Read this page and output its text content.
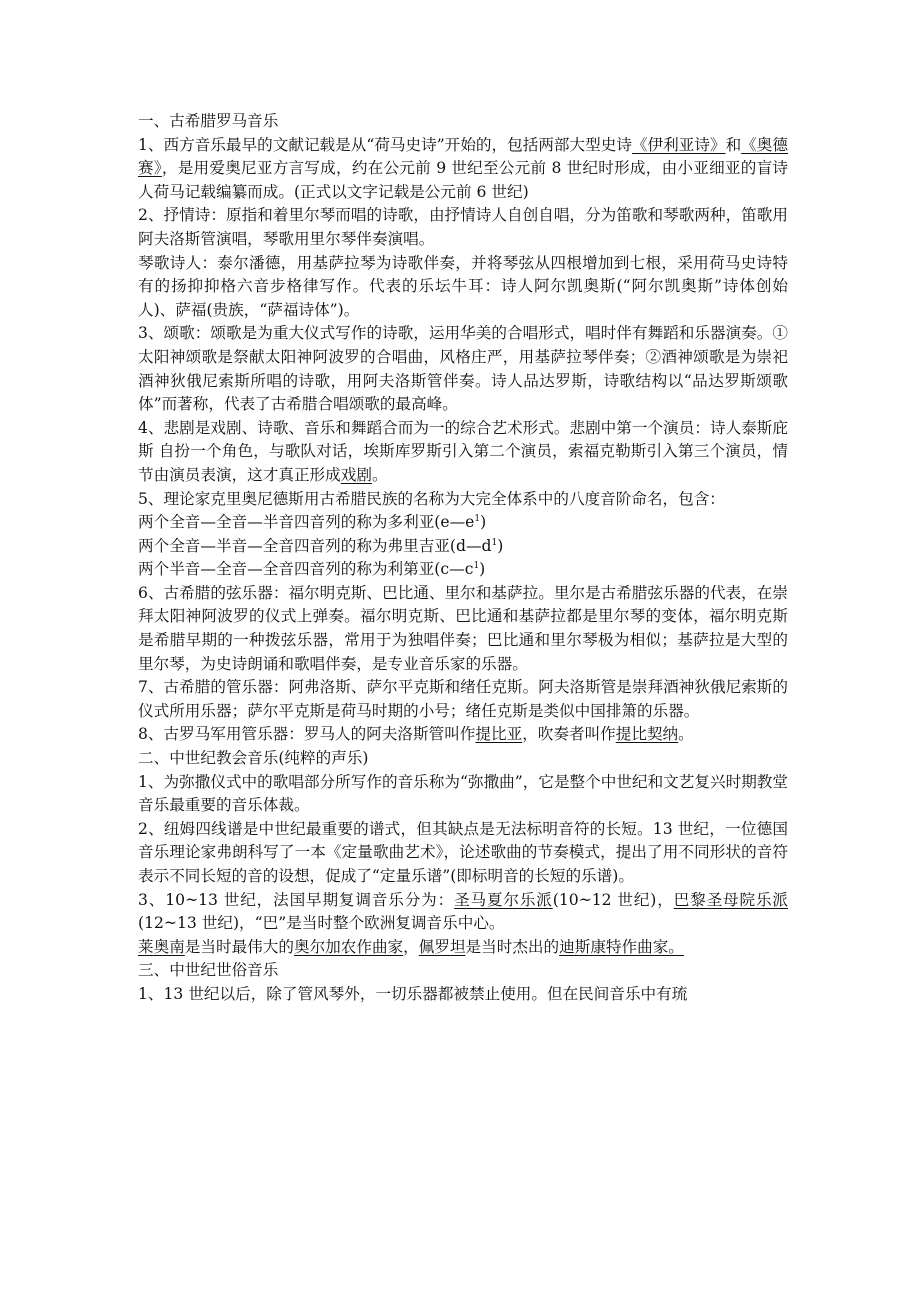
一、古希腊罗马音乐

1、西方音乐最早的文献记载是从“荷马史诗”开始的，包括两部大型史诗《伊利亚诗》和《奥德赛》，是用爱奥尼亚方言写成，约在公元前 9 世纪至公元前 8 世纪时形成，由小亚细亚的盲诗人荷马记载编纂而成。(正式以文字记载是公元前 6 世纪)

2、抒情诗：原指和着里尔琴而唱的诗歌，由抒情诗人自创自唱，分为笛歌和琴歌两种，笛歌用阿夫洛斯管演唱，琴歌用里尔琴伴奏演唱。

琴歌诗人：泰尔潘德，用基萨拉琴为诗歌伴奏，并将琴弦从四根增加到七根，采用荷马史诗特有的扬抑抑格六音步格律写作。代表的乐坛牛耳：诗人阿尔凯奥斯(“阿尔凯奥斯”诗体创始人)、萨福(贵族，“萨福诗体”)。

3、颂歌：颂歌是为重大仪式写作的诗歌，运用华美的合唱形式，唱时伴有舞蹈和乐器演奏。①太阳神颂歌是祭献太阳神阿波罗的合唱曲，风格庄严，用基萨拉琴伴奏；②酒神颂歌是为崇祀酒神狄俄尼索斯所唱的诗歌，用阿夫洛斯管伴奏。诗人品达罗斯，诗歌结构以“品达罗斯颂歌体”而著称，代表了古希腊合唱颂歌的最高峰。

4、悲剧是戏剧、诗歌、音乐和舞蹈合而为一的综合艺术形式。悲剧中第一个演员：诗人泰斯庇斯 自扮一个角色，与歌队对话，埃斯库罗斯引入第二个演员，索福克勒斯引入第三个演员，情节由演员表演，这才真正形成戏剧。

5、理论家克里奥尼德斯用古希腊民族的名称为大完全体系中的八度音阶命名，包含：

两个全音—全音—半音四音列的称为多利亚$(e—e^1)$

两个全音—半音—全音四音列的称为弗里吉亚$(d—d^1)$

两个半音—全音—全音四音列的称为利第亚$(c—c^1)$

6、古希腊的弦乐器：福尔明克斯、巴比通、里尔和基萨拉。里尔是古希腊弦乐器的代表，在崇拜太阳神阿波罗的仪式上弹奏。福尔明克斯、巴比通和基萨拉都是里尔琴的变体，福尔明克斯是希腊早期的一种拨弦乐器，常用于为独唱伴奏；巴比通和里尔琴极为相似；基萨拉是大型的里尔琴，为史诗朗诵和歌唱伴奏，是专业音乐家的乐器。

7、古希腊的管乐器：阿弗洛斯、萨尔平克斯和绪任克斯。阿夫洛斯管是崇拜酒神狄俄尼索斯的仪式所用乐器；萨尔平克斯是荷马时期的小号；绪任克斯是类似中国排箫的乐器。

8、古罗马军用管乐器：罗马人的阿夫洛斯管叫作提比亚，吹奏者叫作提比契纳。

二、中世纪教会音乐(纯粹的声乐)

1、为弥撒仪式中的歌唱部分所写作的音乐称为“弥撒曲”，它是整个中世纪和文艺复兴时期教堂音乐最重要的音乐体裁。

2、纽姆四线谱是中世纪最重要的谱式，但其缺点是无法标明音符的长短。13 世纪，一位德国音乐理论家弗朗科写了一本《定量歌曲艺术》，论述歌曲的节奏模式，提出了用不同形状的音符表示不同长短的音的设想，促成了“定量乐谱”(即标明音的长短的乐谱)。

3、10~13 世纪，法国早期复调音乐分为：圣马夏尔乐派(10~12 世纪)，巴黎圣母院乐派(12~13 世纪)，“巴”是当时整个欧洲复调音乐中心。

莱奥南是当时最伟大的奥尔加农作曲家，佩罗坦是当时杰出的迪斯康特作曲家。

三、中世纪世俗音乐

1、13 世纪以后，除了管风琴外，一切乐器都被禁止使用。但在民间音乐中有琉
